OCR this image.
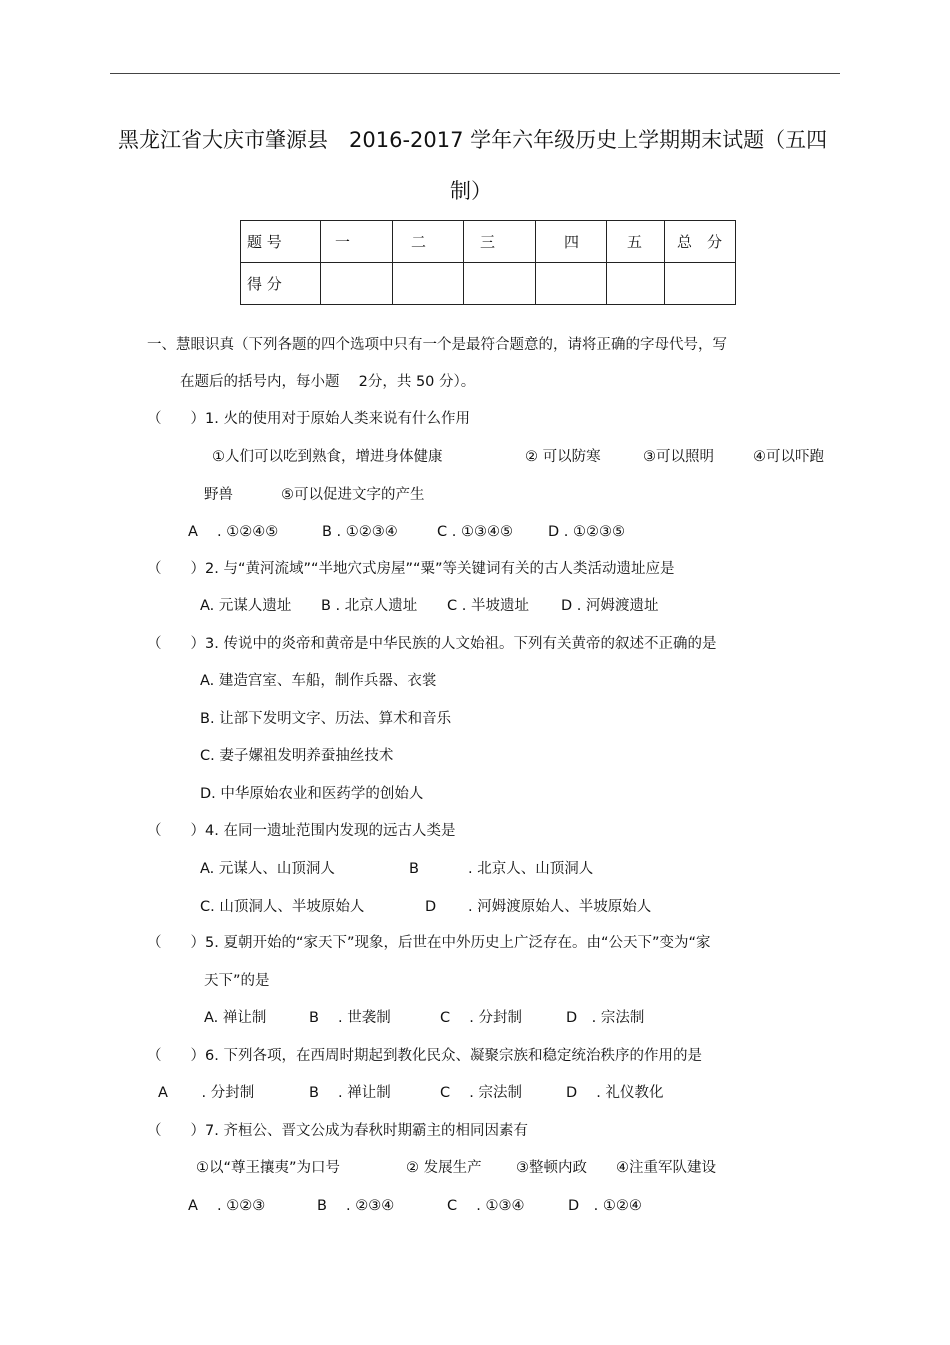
黑龙江省大庆市肇源县　2016-2017 学年六年级历史上学期期末试题（五四
制）
题 号	一	二	三	四	五	总　分
得 分						
一、慧眼识真（下列各题的四个选项中只有一个是最符合题意的，请将正确的字母代号，写
在题后的括号内，每小题　 2分，共 50 分）。
（　　）1. 火的使用对于原始人类来说有什么作用
①人们可以吃到熟食，增进身体健康	② 可以防寒	③可以照明	④可以吓跑
野兽	⑤可以促进文字的产生
A　 . ①②④⑤	B . ①②③④	C . ①③④⑤ D . ①②③⑤
（　　）2. 与“黄河流域”“半地穴式房屋”“粟”等关键词有关的古人类活动遗址应是
A. 元谋人遗址 B . 北京人遗址 C . 半坡遗址 D . 河姆渡遗址
（　　）3. 传说中的炎帝和黄帝是中华民族的人文始祖。下列有关黄帝的叙述不正确的是
A. 建造宫室、车船，制作兵器、衣裳
B. 让部下发明文字、历法、算术和音乐
C. 妻子嫘祖发明养蚕抽丝技术
D. 中华原始农业和医药学的创始人
（　　）4. 在同一遗址范围内发现的远古人类是
A. 元谋人、山顶洞人	B	. 北京人、山顶洞人
C. 山顶洞人、半坡原始人	D . 河姆渡原始人、半坡原始人
（　　）5. 夏朝开始的“家天下”现象，后世在中外历史上广泛存在。由“公天下”变为“家
天下”的是
A. 禅让制	B　 . 世袭制	C　 . 分封制	D　. 宗法制
（　　）6. 下列各项，在西周时期起到教化民众、凝聚宗族和稳定统治秩序的作用的是
A　　 . 分封制	B　 . 禅让制	C　 . 宗法制	D　 . 礼仪教化
（　　）7. 齐桓公、晋文公成为春秋时期霸主的相同因素有
①以“尊王攘夷”为口号	② 发展生产 ③整顿内政 ④注重军队建设
A　 . ①②③	B　 . ②③④	C　 . ①③④	D　. ①②④
